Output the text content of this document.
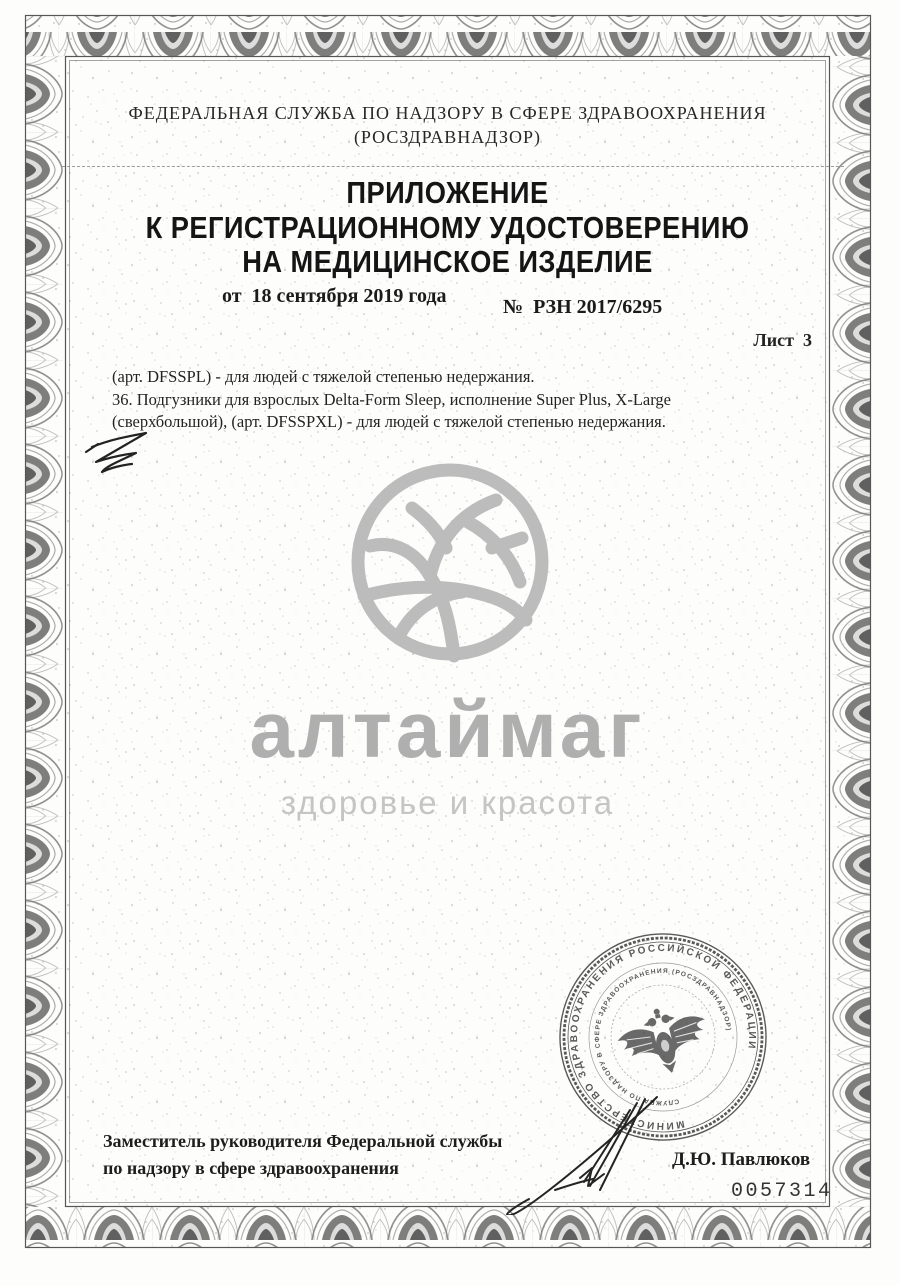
алтаймаг
здоровье и красота
ФЕДЕРАЛЬНАЯ СЛУЖБА ПО НАДЗОРУ В СФЕРЕ ЗДРАВООХРАНЕНИЯ
(РОСЗДРАВНАДЗОР)
ПРИЛОЖЕНИЕ
К РЕГИСТРАЦИОННОМУ УДОСТОВЕРЕНИЮ
НА МЕДИЦИНСКОЕ ИЗДЕЛИЕ
от  18 сентября 2019 года	№  РЗН 2017/6295
Лист  3
(арт. DFSSPL) - для людей с тяжелой степенью недержания.
36. Подгузники для взрослых Delta-Form Sleep, исполнение Super Plus, X-Large
(сверхбольшой), (арт. DFSSPXL) - для людей с тяжелой степенью недержания.
МИНИСТЕРСТВО ЗДРАВООХРАНЕНИЯ РОССИЙСКОЙ ФЕДЕРАЦИИ
СЛУЖБА ПО НАДЗОРУ В СФЕРЕ ЗДРАВООХРАНЕНИЯ (РОСЗДРАВНАДЗОР)
Заместитель руководителя Федеральной службы
по надзору в сфере здравоохранения	Д.Ю. Павлюков
0057314
